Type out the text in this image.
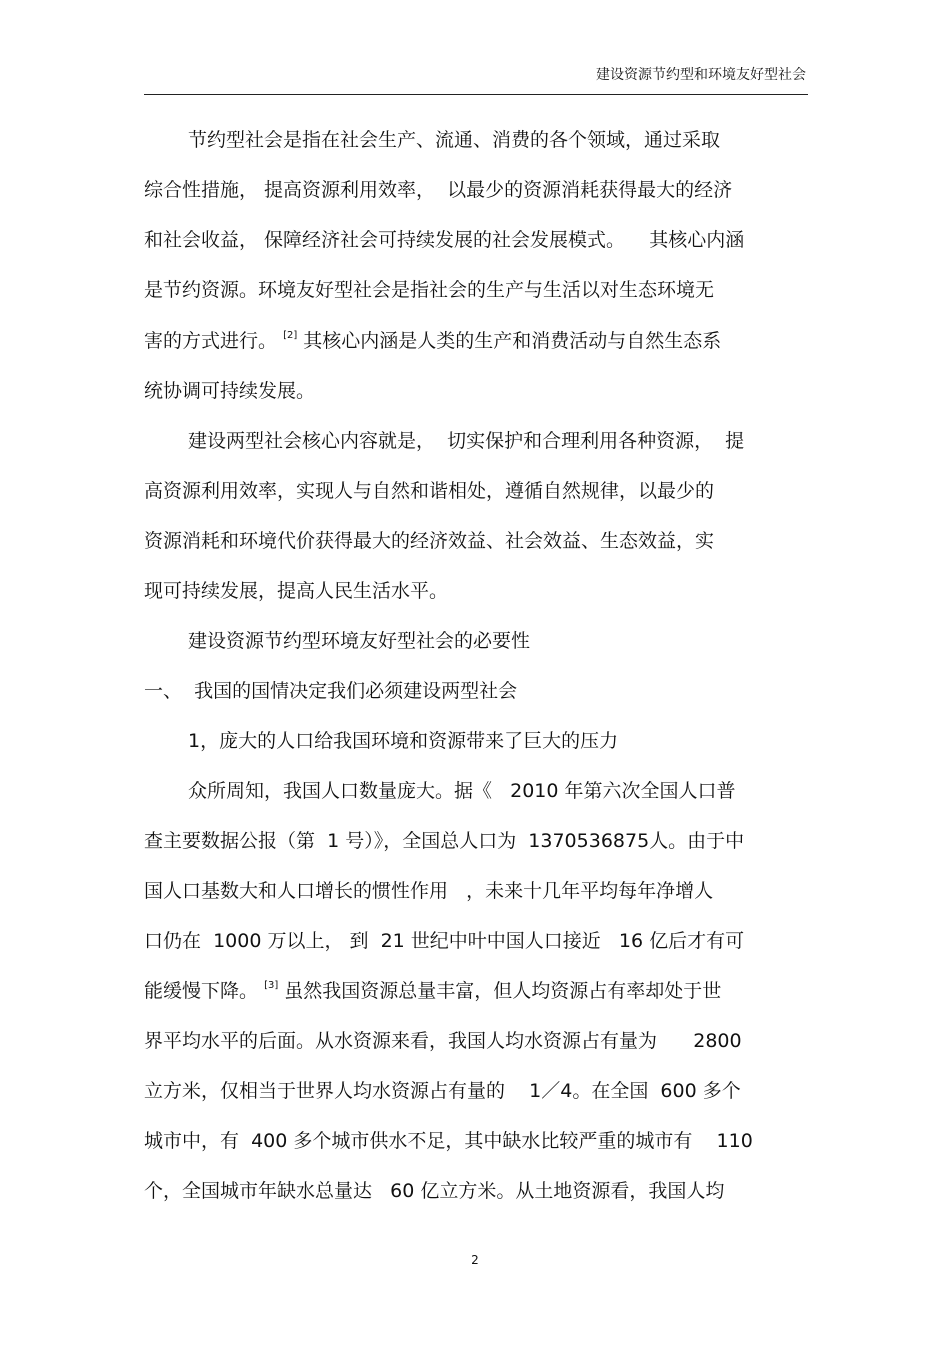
建设资源节约型和环境友好型社会
节约型社会是指在社会生产、流通、消费的各个领域，通过采取
综合性措施， 提高资源利用效率，  以最少的资源消耗获得最大的经济
和社会收益， 保障经济社会可持续发展的社会发展模式。    其核心内涵
是节约资源。环境友好型社会是指社会的生产与生活以对生态环境无
害的方式进行。 [2] 其核心内涵是人类的生产和消费活动与自然生态系
统协调可持续发展。
建设两型社会核心内容就是，  切实保护和合理利用各种资源，  提
高资源利用效率，实现人与自然和谐相处，遵循自然规律，以最少的
资源消耗和环境代价获得最大的经济效益、社会效益、生态效益，实
现可持续发展，提高人民生活水平。
建设资源节约型环境友好型社会的必要性
一、  我国的国情决定我们必须建设两型社会
1，庞大的人口给我国环境和资源带来了巨大的压力
众所周知，我国人口数量庞大。据《   2010 年第六次全国人口普
查主要数据公报（第  1 号）》，全国总人口为  1370536875人。由于中
国人口基数大和人口增长的惯性作用   ，未来十几年平均每年净增人
口仍在  1000 万以上， 到  21 世纪中叶中国人口接近   16 亿后才有可
能缓慢下降。 [3] 虽然我国资源总量丰富，但人均资源占有率却处于世
界平均水平的后面。从水资源来看，我国人均水资源占有量为      2800
立方米，仅相当于世界人均水资源占有量的    1／4。在全国  600 多个
城市中，有  400 多个城市供水不足，其中缺水比较严重的城市有    110
个，全国城市年缺水总量达   60 亿立方米。从土地资源看，我国人均
2
